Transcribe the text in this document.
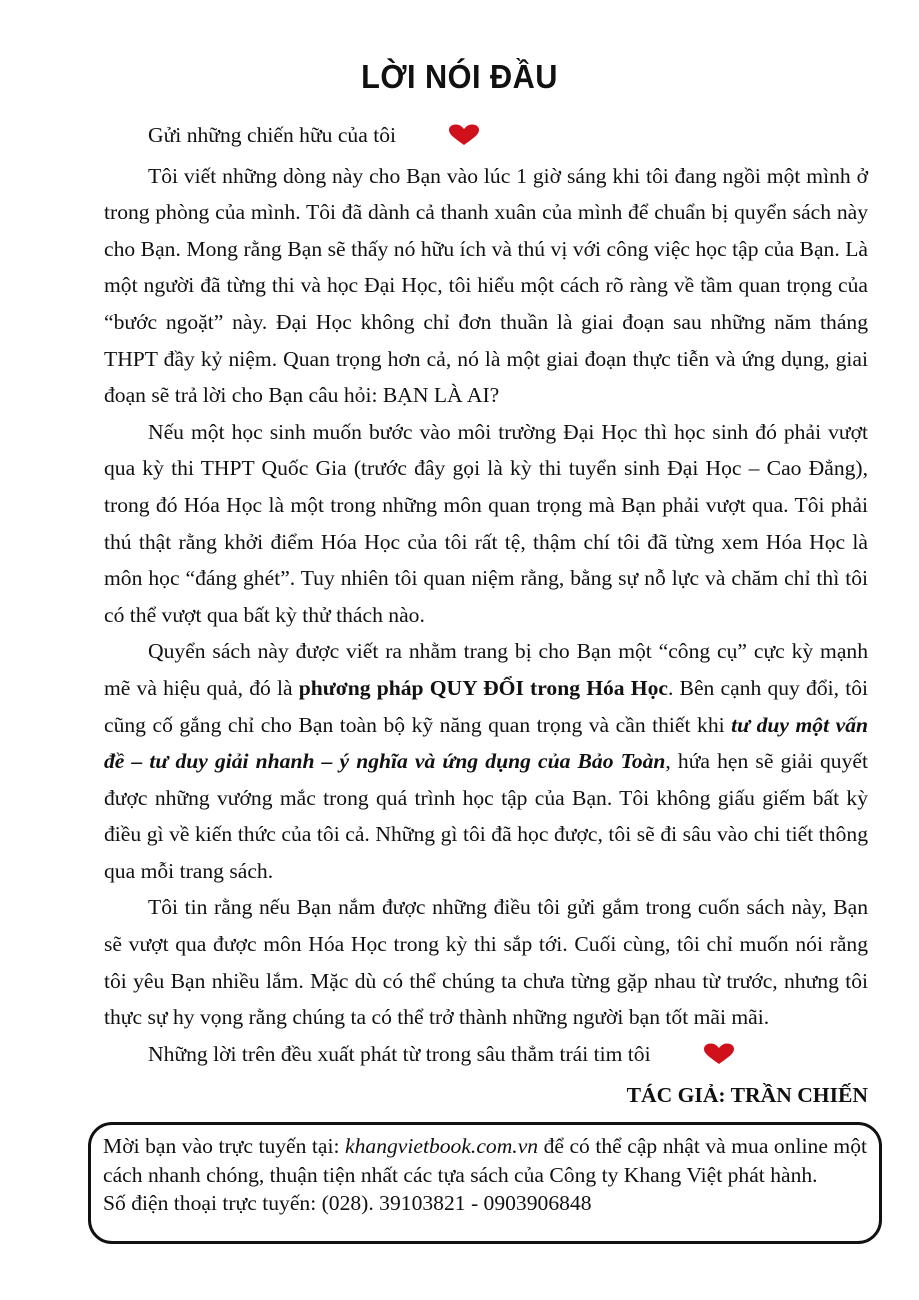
LỜI NÓI ĐẦU
Gửi những chiến hữu của tôi

Tôi viết những dòng này cho Bạn vào lúc 1 giờ sáng khi tôi đang ngồi một mình ở trong phòng của mình. Tôi đã dành cả thanh xuân của mình để chuẩn bị quyển sách này cho Bạn. Mong rằng Bạn sẽ thấy nó hữu ích và thú vị với công việc học tập của Bạn. Là một người đã từng thi và học Đại Học, tôi hiểu một cách rõ ràng về tầm quan trọng của “bước ngoặt” này. Đại Học không chỉ đơn thuần là giai đoạn sau những năm tháng THPT đầy kỷ niệm. Quan trọng hơn cả, nó là một giai đoạn thực tiễn và ứng dụng, giai đoạn sẽ trả lời cho Bạn câu hỏi: BẠN LÀ AI?

Nếu một học sinh muốn bước vào môi trường Đại Học thì học sinh đó phải vượt qua kỳ thi THPT Quốc Gia (trước đây gọi là kỳ thi tuyển sinh Đại Học – Cao Đẳng), trong đó Hóa Học là một trong những môn quan trọng mà Bạn phải vượt qua. Tôi phải thú thật rằng khởi điểm Hóa Học của tôi rất tệ, thậm chí tôi đã từng xem Hóa Học là môn học “đáng ghét”. Tuy nhiên tôi quan niệm rằng, bằng sự nỗ lực và chăm chỉ thì tôi có thể vượt qua bất kỳ thử thách nào.

Quyển sách này được viết ra nhằm trang bị cho Bạn một “công cụ” cực kỳ mạnh mẽ và hiệu quả, đó là phương pháp QUY ĐỔI trong Hóa Học. Bên cạnh quy đổi, tôi cũng cố gắng chỉ cho Bạn toàn bộ kỹ năng quan trọng và cần thiết khi tư duy một vấn đề – tư duy giải nhanh – ý nghĩa và ứng dụng của Bảo Toàn, hứa hẹn sẽ giải quyết được những vướng mắc trong quá trình học tập của Bạn. Tôi không giấu giếm bất kỳ điều gì về kiến thức của tôi cả. Những gì tôi đã học được, tôi sẽ đi sâu vào chi tiết thông qua mỗi trang sách.

Tôi tin rằng nếu Bạn nắm được những điều tôi gửi gắm trong cuốn sách này, Bạn sẽ vượt qua được môn Hóa Học trong kỳ thi sắp tới. Cuối cùng, tôi chỉ muốn nói rằng tôi yêu Bạn nhiều lắm. Mặc dù có thể chúng ta chưa từng gặp nhau từ trước, nhưng tôi thực sự hy vọng rằng chúng ta có thể trở thành những người bạn tốt mãi mãi.

Những lời trên đều xuất phát từ trong sâu thẳm trái tim tôi
TÁC GIẢ: TRẦN CHIẾN
Mời bạn vào trực tuyến tại: khangvietbook.com.vn để có thể cập nhật và mua online một cách nhanh chóng, thuận tiện nhất các tựa sách của Công ty Khang Việt phát hành.
Số điện thoại trực tuyến: (028). 39103821 - 0903906848
